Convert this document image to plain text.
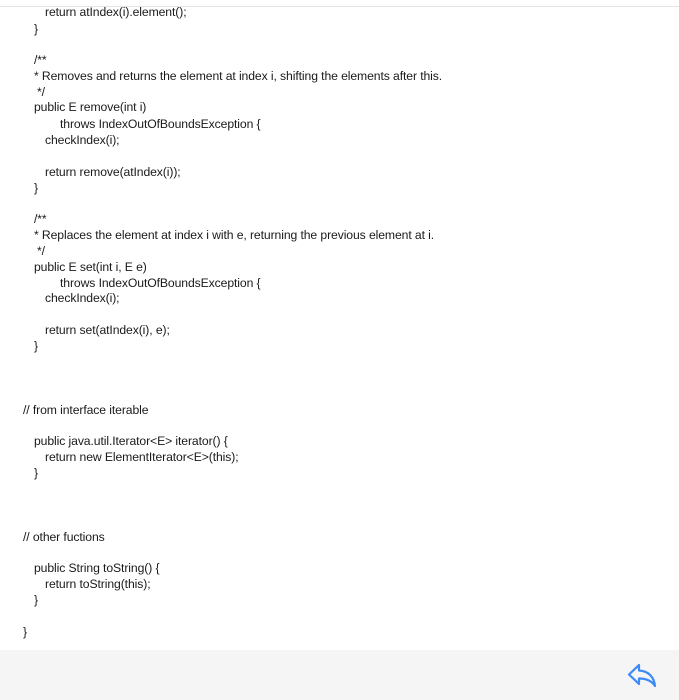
return atIndex(i).element();
}
/**
* Removes and returns the element at index i, shifting the elements after this.
*/
public E remove(int i)
throws IndexOutOfBoundsException {
checkIndex(i);
return remove(atIndex(i));
}
/**
* Replaces the element at index i with e, returning the previous element at i.
*/
public E set(int i, E e)
throws IndexOutOfBoundsException {
checkIndex(i);
return set(atIndex(i), e);
}
// from interface iterable
public java.util.Iterator<E> iterator() {
return new ElementIterator<E>(this);
}
// other fuctions
public String toString() {
return toString(this);
}
}
